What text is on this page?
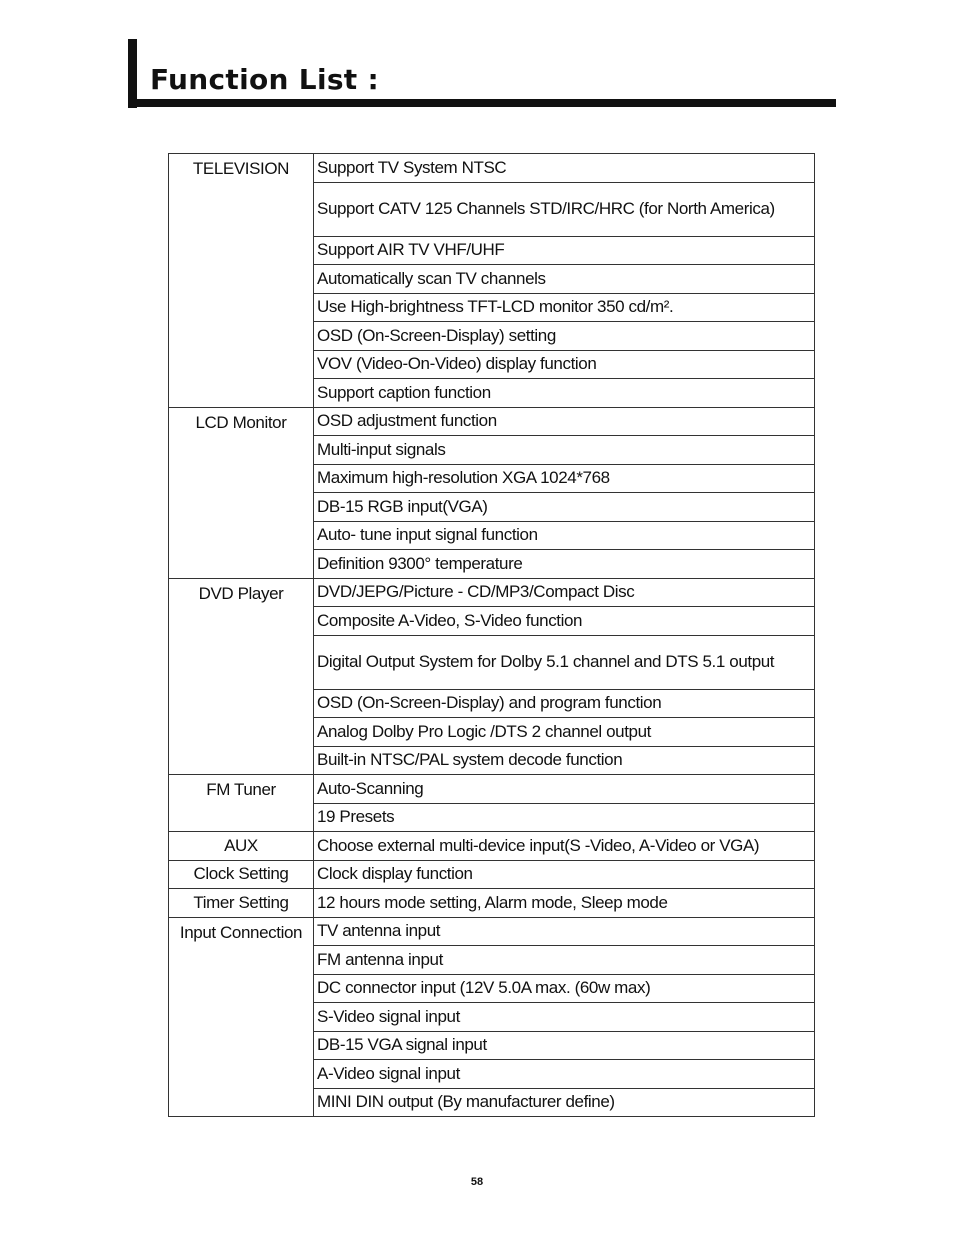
Function List :
TELEVISION	Support TV System NTSC
	Support CATV 125 Channels STD/IRC/HRC (for North America)
	Support AIR TV VHF/UHF
	Automatically scan TV channels
	Use High-brightness TFT-LCD monitor 350 cd/m².
	OSD (On-Screen-Display) setting
	VOV (Video-On-Video) display function
	Support caption function
LCD Monitor	OSD adjustment function
	Multi-input signals
	Maximum high-resolution XGA 1024*768
	DB-15 RGB input(VGA)
	Auto- tune input signal function
	Definition 9300° temperature
DVD Player	DVD/JEPG/Picture - CD/MP3/Compact Disc
	Composite A-Video, S-Video function
	Digital Output System for Dolby 5.1 channel and DTS 5.1 output
	OSD (On-Screen-Display) and program function
	Analog Dolby Pro Logic /DTS 2 channel output
	Built-in NTSC/PAL system decode function
FM Tuner	Auto-Scanning
	19 Presets
AUX	Choose external multi-device input(S -Video, A-Video or VGA)
Clock Setting	Clock display function
Timer Setting	12 hours mode setting, Alarm mode, Sleep mode
Input Connection	TV antenna input
	FM antenna input
	DC connector input (12V 5.0A max. (60w max)
	S-Video signal input
	DB-15 VGA signal input
	A-Video signal input
	MINI DIN output (By manufacturer define)
58
